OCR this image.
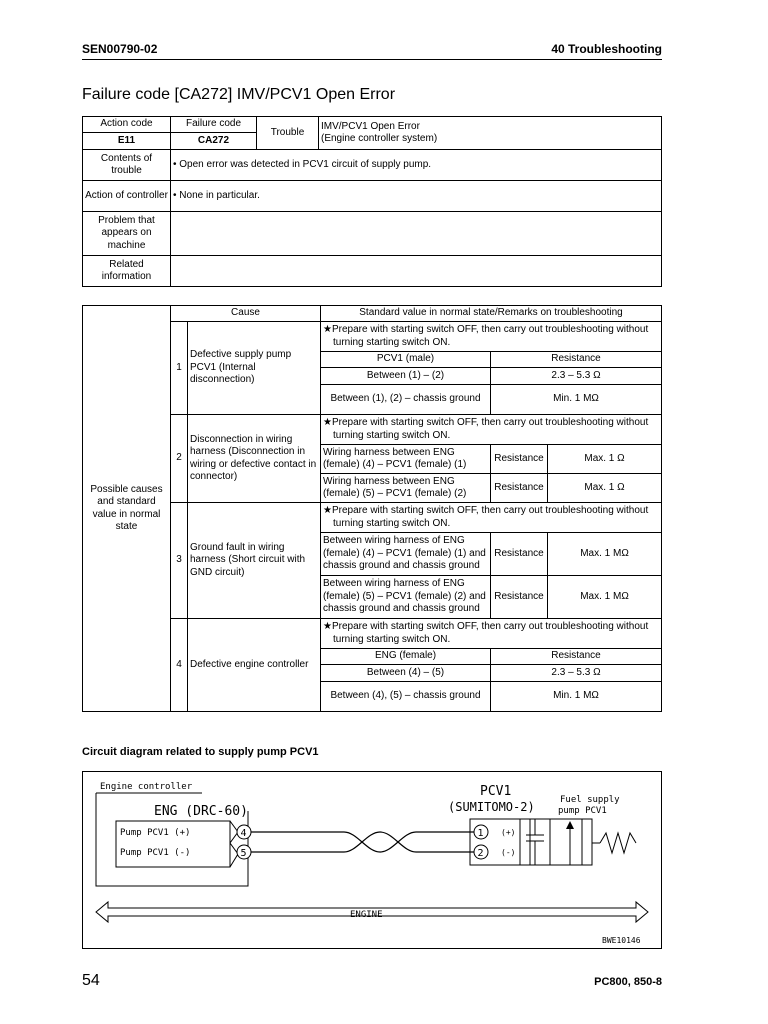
SEN00790-02	40 Troubleshooting
Failure code [CA272] IMV/PCV1 Open Error
Action code	Failure code	Trouble	IMV/PCV1 Open Error
(Engine controller system)

E11	CA272		
Contents of trouble	• Open error was detected in PCV1 circuit of supply pump.		
Action of controller	• None in particular.		
Problem that appears on machine			
Related information			
Possible causes and standard value in normal state	Cause		Standard value in normal state/Remarks on troubleshooting		
	1	Defective supply pump PCV1 (Internal disconnection)	★Prepare with starting switch OFF, then carry out troubleshooting without turning starting switch ON.		
			PCV1 (male)	Resistance	
			Between (1) – (2)	2.3 – 5.3 Ω	
			Between (1), (2) – chassis ground	Min. 1 MΩ	

	2	Disconnection in wiring harness (Disconnection in wiring or defective contact in connector)	★Prepare with starting switch OFF, then carry out troubleshooting without turning starting switch ON.		
			Wiring harness between ENG (female) (4) – PCV1 (female) (1)	Resistance	Max. 1 Ω
			Wiring harness between ENG (female) (5) – PCV1 (female) (2)	Resistance	Max. 1 Ω
	3	Ground fault in wiring harness (Short circuit with GND circuit)	★Prepare with starting switch OFF, then carry out troubleshooting without turning starting switch ON.		
			Between wiring harness of ENG (female) (4) – PCV1 (female) (1) and chassis ground and chassis ground	Resistance	Max. 1 MΩ
			Between wiring harness of ENG (female) (5) – PCV1 (female) (2) and chassis ground and chassis ground	Resistance	Max. 1 MΩ
	4	Defective engine controller	★Prepare with starting switch OFF, then carry out troubleshooting without turning starting switch ON.		
			ENG (female)	Resistance	
			Between (4) – (5)	2.3 – 5.3 Ω	
			Between (4), (5) – chassis ground	Min. 1 MΩ	
Circuit diagram related to supply pump PCV1
Engine controller
ENG (DRC-60)
Pump PCV1 (+)
Pump PCV1 (-)
4
5
PCV1
(SUMITOMO-2)
1
2
(+)
(-)
Fuel supply
pump PCV1
ENGINE
BWE10146
54	PC800, 850-8
